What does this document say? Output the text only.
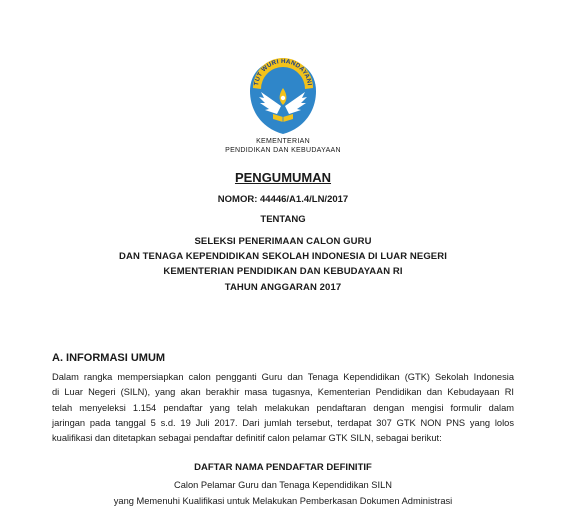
TUT WURI HANDAYANI
KEMENTERIAN
PENDIDIKAN DAN KEBUDAYAAN
PENGUMUMAN
NOMOR: 44446/A1.4/LN/2017
TENTANG
SELEKSI PENERIMAAN CALON GURU
DAN TENAGA KEPENDIDIKAN SEKOLAH INDONESIA DI LUAR NEGERI
KEMENTERIAN PENDIDIKAN DAN KEBUDAYAAN RI
TAHUN ANGGARAN 2017
A. INFORMASI UMUM
Dalam rangka mempersiapkan calon pengganti Guru dan Tenaga Kependidikan (GTK) Sekolah Indonesia
di Luar Negeri (SILN), yang akan berakhir masa tugasnya, Kementerian Pendidikan dan Kebudayaan RI
telah menyeleksi 1.154 pendaftar yang telah melakukan pendaftaran dengan mengisi formulir dalam
jaringan pada tanggal 5 s.d. 19 Juli 2017. Dari jumlah tersebut, terdapat 307 GTK NON PNS yang lolos
kualifikasi dan ditetapkan sebagai pendaftar definitif calon pelamar GTK SILN, sebagai berikut:
DAFTAR NAMA PENDAFTAR DEFINITIF
Calon Pelamar Guru dan Tenaga Kependidikan SILN
yang Memenuhi Kualifikasi untuk Melakukan Pemberkasan Dokumen Administrasi
